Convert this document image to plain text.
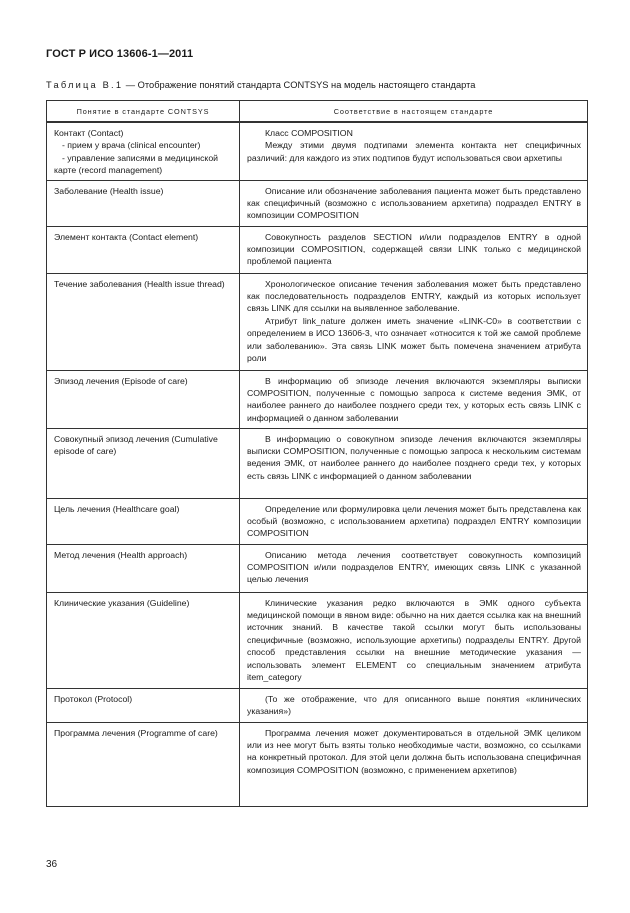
ГОСТ Р ИСО 13606-1—2011
Таблица В.1 — Отображение понятий стандарта CONTSYS на модель настоящего стандарта
Понятие в стандарте CONTSYS	Соответствие в настоящем стандарте

Контакт (Contact)
- прием у врача (clinical encounter)
- управление записями в медицинской карте (record management)	Класс COMPOSITION
Между этими двумя подтипами элемента контакта нет специфичных различий: для каждого из этих подтипов будут использоваться свои архетипы

Заболевание (Health issue)	Описание или обозначение заболевания пациента может быть представлено как специфичный (возможно с использованием архетипа) подраздел ENTRY в композиции COMPOSITION

Элемент контакта (Contact element)	Совокупность разделов SECTION и/или подразделов ENTRY в одной композиции COMPOSITION, содержащей связи LINK только с медицинской проблемой пациента

Течение заболевания (Health issue thread)	Хронологическое описание течения заболевания может быть представлено как последовательность подразделов ENTRY, каждый из которых использует связь LINK для ссылки на выявленное заболевание.
Атрибут link_nature должен иметь значение «LINK-C0» в соответствии с определением в ИСО 13606-3, что означает «относится к той же самой проблеме или заболеванию». Эта связь LINK может быть помечена значением атрибута роли

Эпизод лечения (Episode of care)	В информацию об эпизоде лечения включаются экземпляры выписки COMPOSITION, полученные с помощью запроса к системе ведения ЭМК, от наиболее раннего до наиболее позднего среди тех, у которых есть связь LINK с информацией о данном заболевании

Совокупный эпизод лечения (Cumulative episode of care)	В информацию о совокупном эпизоде лечения включаются экземпляры выписки COMPOSITION, полученные с помощью запроса к нескольким системам ведения ЭМК, от наиболее раннего до наиболее позднего среди тех, у которых есть связь LINK с информацией о данном заболевании

Цель лечения (Healthcare goal)	Определение или формулировка цели лечения может быть представлена как особый (возможно, с использованием архетипа) подраздел ENTRY композиции COMPOSITION

Метод лечения (Health approach)	Описанию метода лечения соответствует совокупность композиций COMPOSITION и/или подразделов ENTRY, имеющих связь LINK с указанной целью лечения

Клинические указания (Guideline)	Клинические указания редко включаются в ЭМК одного субъекта медицинской помощи в явном виде: обычно на них дается ссылка как на внешний источник знаний. В качестве такой ссылки могут быть использованы специфичные (возможно, использующие архетипы) подразделы ENTRY. Другой способ представления ссылки на внешние методические указания — использовать элемент ELEMENT со специальным значением атрибута item_category

Протокол (Protocol)	(То же отображение, что для описанного выше понятия «клинических указания»)

Программа лечения (Programme of care)	Программа лечения может документироваться в отдельной ЭМК целиком или из нее могут быть взяты только необходимые части, возможно, со ссылками на конкретный протокол. Для этой цели должна быть использована специфичная композиция COMPOSITION (возможно, с применением архетипов)
36
